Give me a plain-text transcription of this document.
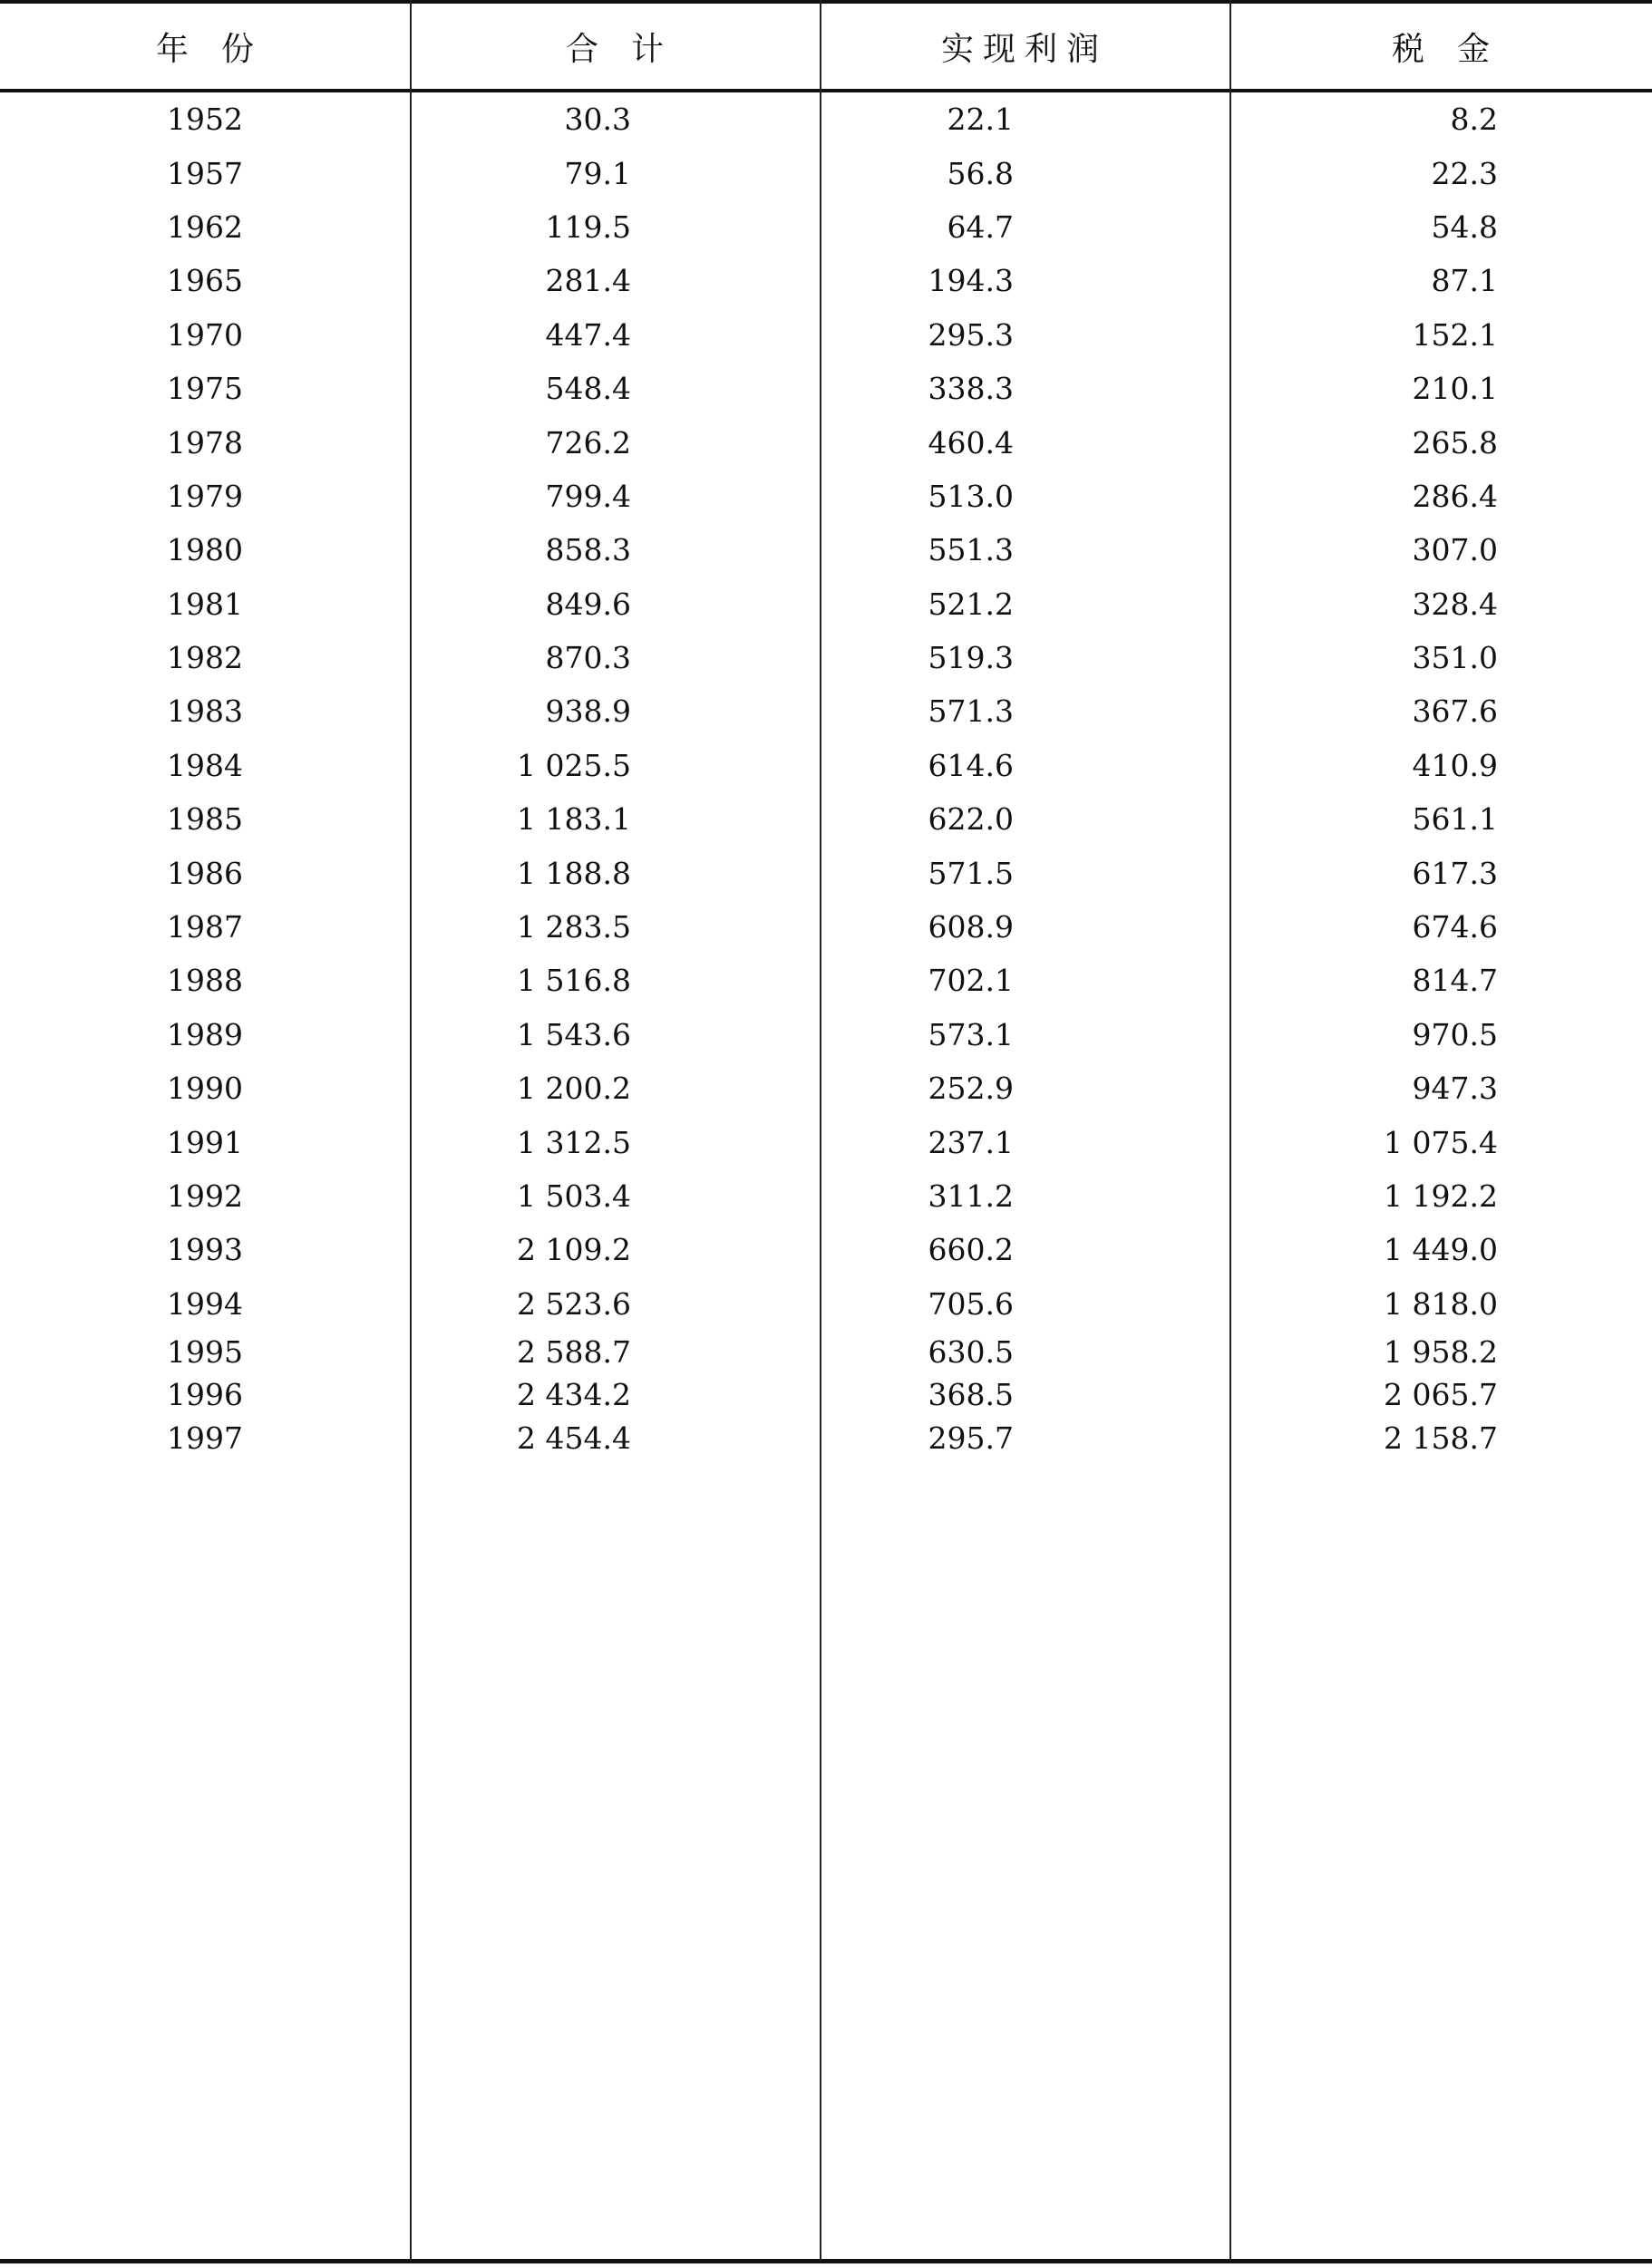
年　份	合　计	实现利润	税　金
1952	30.3	22.1	8.2
1957	79.1	56.8	22.3
1962	119.5	64.7	54.8
1965	281.4	194.3	87.1
1970	447.4	295.3	152.1
1975	548.4	338.3	210.1
1978	726.2	460.4	265.8
1979	799.4	513.0	286.4
1980	858.3	551.3	307.0
1981	849.6	521.2	328.4
1982	870.3	519.3	351.0
1983	938.9	571.3	367.6
1984	1 025.5	614.6	410.9
1985	1 183.1	622.0	561.1
1986	1 188.8	571.5	617.3
1987	1 283.5	608.9	674.6
1988	1 516.8	702.1	814.7
1989	1 543.6	573.1	970.5
1990	1 200.2	252.9	947.3
1991	1 312.5	237.1	1 075.4
1992	1 503.4	311.2	1 192.2
1993	2 109.2	660.2	1 449.0
1994	2 523.6	705.6	1 818.0
1995	2 588.7	630.5	1 958.2
1996	2 434.2	368.5	2 065.7
1997	2 454.4	295.7	2 158.7
